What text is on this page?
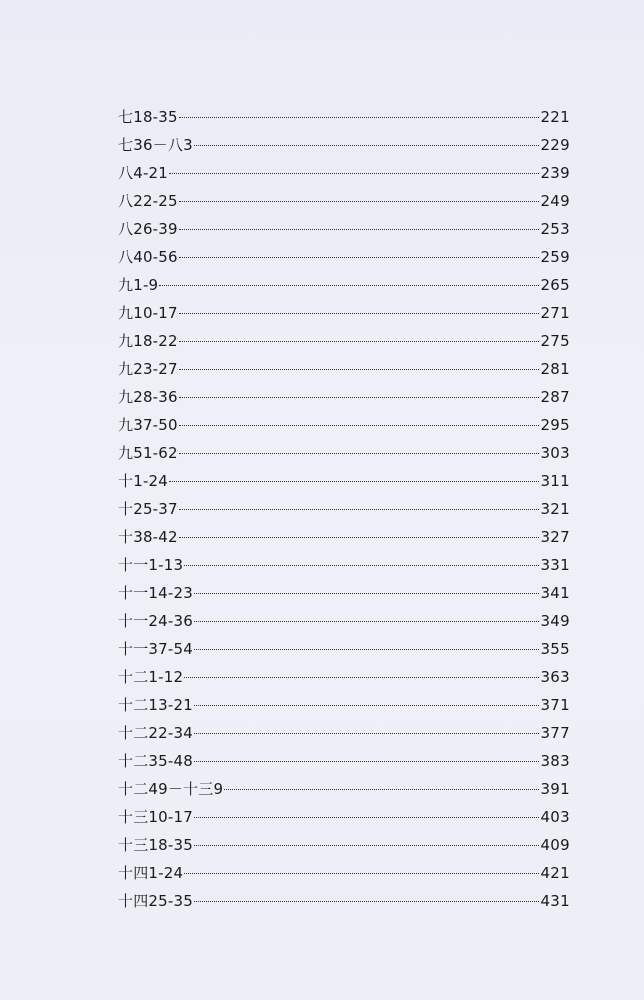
七18-35	221
七36－八3	229
八4-21	239
八22-25	249
八26-39	253
八40-56	259
九1-9	265
九10-17	271
九18-22	275
九23-27	281
九28-36	287
九37-50	295
九51-62	303
十1-24	311
十25-37	321
十38-42	327
十一1-13	331
十一14-23	341
十一24-36	349
十一37-54	355
十二1-12	363
十二13-21	371
十二22-34	377
十二35-48	383
十二49－十三9	391
十三10-17	403
十三18-35	409
十四1-24	421
十四25-35	431
